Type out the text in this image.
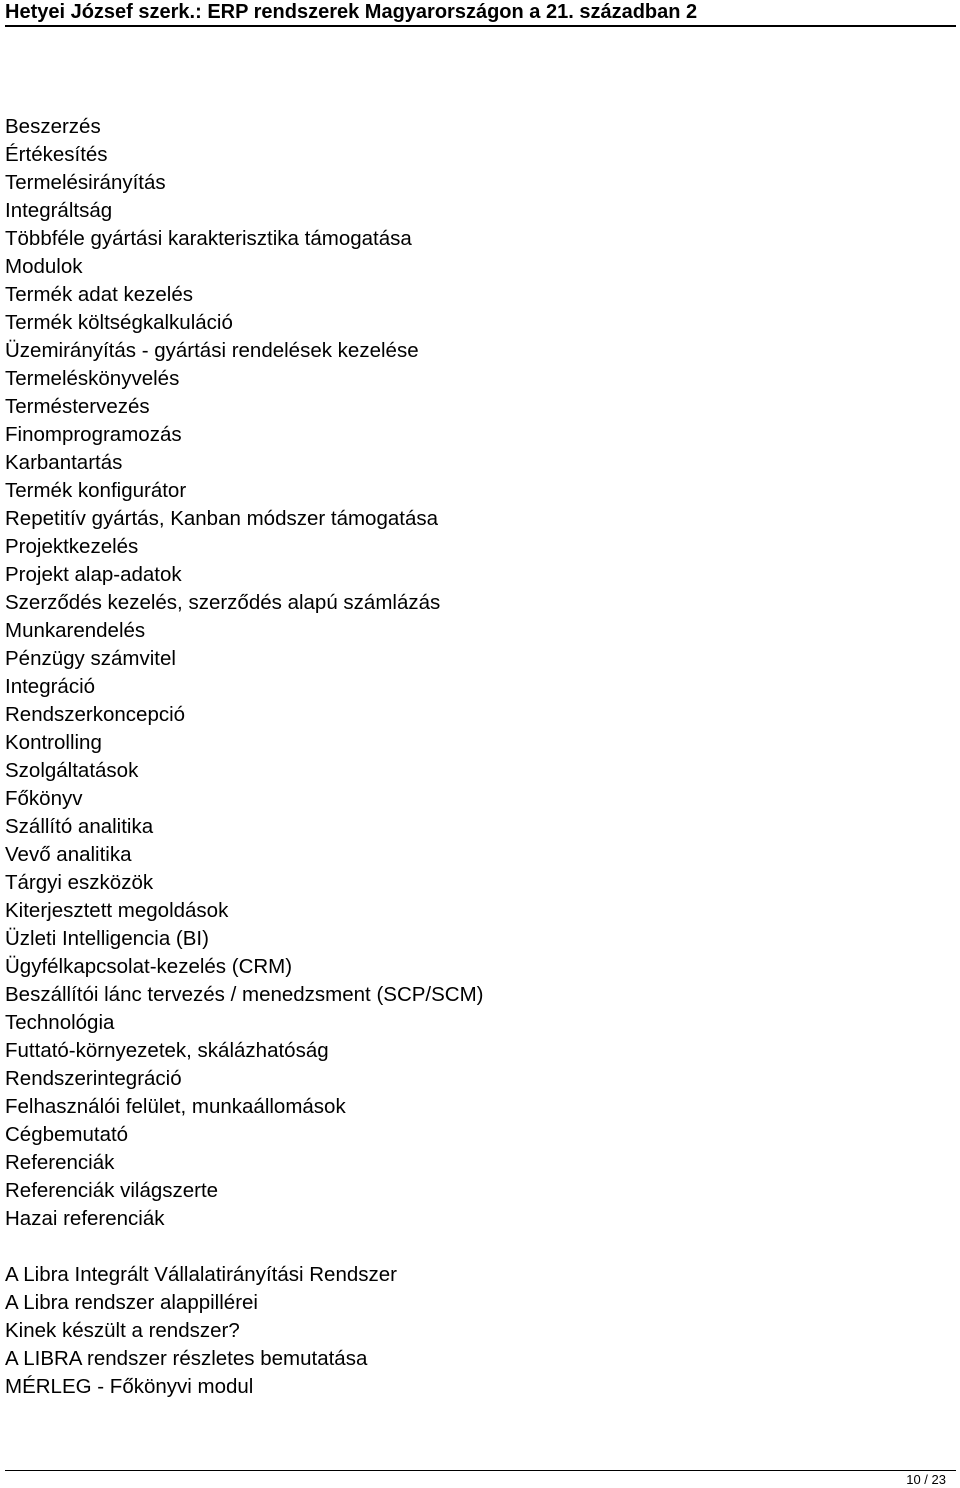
Hetyei József szerk.: ERP rendszerek Magyarországon a 21. században 2
Beszerzés
Értékesítés
Termelésirányítás
Integráltság
Többféle gyártási karakterisztika támogatása
Modulok
Termék adat kezelés
Termék költségkalkuláció
Üzemirányítás - gyártási rendelések kezelése
Termeléskönyvelés
Terméstervezés
Finomprogramozás
Karbantartás
Termék konfigurátor
Repetitív gyártás, Kanban módszer támogatása
Projektkezelés
Projekt alap-adatok
Szerződés kezelés, szerződés alapú számlázás
Munkarendelés
Pénzügy számvitel
Integráció
Rendszerkoncepció
Kontrolling
Szolgáltatások
Főkönyv
Szállító analitika
Vevő analitika
Tárgyi eszközök
Kiterjesztett megoldások
Üzleti Intelligencia (BI)
Ügyfélkapcsolat-kezelés (CRM)
Beszállítói lánc tervezés / menedzsment (SCP/SCM)
Technológia
Futtató-környezetek, skálázhatóság
Rendszerintegráció
Felhasználói felület, munkaállomások
Cégbemutató
Referenciák
Referenciák világszerte
Hazai referenciák
A Libra Integrált Vállalatirányítási Rendszer
A Libra rendszer alappillérei
Kinek készült a rendszer?
A LIBRA rendszer részletes bemutatása
MÉRLEG - Főkönyvi modul
10 / 23
